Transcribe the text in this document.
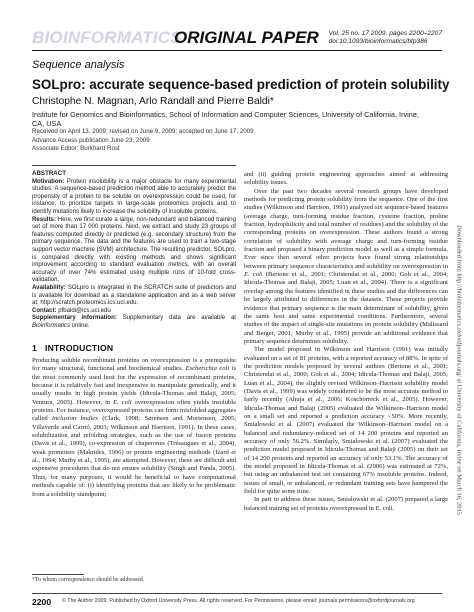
BIOINFORMATICS
ORIGINAL PAPER Vol. 25 no. 17 2009, pages 2200–2207
doi:10.1093/bioinformatics/btp386
Sequence analysis
SOLpro: accurate sequence-based prediction of protein solubility
Christophe N. Magnan, Arlo Randall and Pierre Baldi*
Institute for Genomics and Bioinformatics, School of Information and Computer Sciences, University of California, Irvine, CA, USA
Received on April 13, 2009; revised on June 9, 2009; accepted on June 17, 2009
Advance Access publication June 23, 2009
Associate Editor: Burkhard Rost

ABSTRACT

Motivation: Protein insolubility is a major obstacle for many experimental studies. A sequence-based prediction method able to accurately predict the propensity of a protein to be soluble on overexpression could be used, for instance, to prioritize targets in large-scale proteomics projects and to identify mutations likely to increase the solubility of insoluble proteins.

Results: Here, we first curate a large, non-redundant and balanced training set of more than 17 000 proteins. Next, we extract and study 23 groups of features computed directly or predicted (e.g. secondary structure) from the primary sequence. The data and the features are used to train a two-stage support vector machine (SVM) architecture. The resulting predictor, SOLpro, is compared directly with existing methods and shows significant improvement according to standard evaluation metrics, with an overall accuracy of over 74% estimated using multiple runs of 10-fold cross-validation.

Availability: SOLpro is integrated in the SCRATCH suite of predictors and is available for download as a standalone application and as a web server at: http://scratch.proteomics.ics.uci.edu.

Contact: pfbaldi@ics.uci.edu

Supplementary information: Supplementary data are available at Bioinformatics online.

1 INTRODUCTION

Producing soluble recombinant proteins on overexpression is a prerequisite for many structural, functional and biochemical studies. Escherichia coli is the most commonly used host for the expression of recombinant proteins, because it is relatively fast and inexpensive to manipulate genetically, and it usually results in high protein yields (Idicula-Thomas and Balaji, 2005; Ventura, 2005). However, in E. coli overexpression often yields insoluble proteins. For instance, overexpressed proteins can form misfolded aggregates called inclusion bodies (Clark, 1998; Sørensen and Mortensen, 2005; Villaverde and Carrió, 2003; Wilkinson and Harrison, 1991). In these cases, solubilization and refolding strategies, such as the use of fusion proteins (Davis et al., 1999), co-expression of chaperones (Trésaugues et al., 2004), weak promoters (Makrides, 1996) or protein engineering methods (Izard et al., 1994; Murby et al., 1995), are attempted. However, these are difficult and expensive procedures that do not ensure solubility (Singh and Panda, 2005). Thus, for many purposes, it would be beneficial to have computational methods capable of: (i) identifying proteins that are likely to be problematic from a solubility standpoint;

and (ii) guiding protein engineering approaches aimed at addressing solubility issues.

Over the past two decades several research groups have developed methods for predicting protein solubility from the sequence. One of the first studies (Wilkinson and Harrison, 1991) analyzed six sequence-based features (average charge, turn-forming residue fraction, cysteine fraction, proline fraction, hydrophilicity and total number of residues) and the solubility of the corresponding proteins on overexpression. These authors found a strong correlation of solubility with average charge and turn-forming residue fraction and proposed a binary prediction model as well as a simple formula. Ever since then several other projects have found strong relationships between primary sequence characteristics and solubility on overexpression in E. coli (Bertone et al., 2001; Christendat et al., 2000; Goh et al., 2004; Idicula-Thomas and Balaji, 2005; Luan et al., 2004). There is a significant overlap among the features identified in these studies and the differences can be largely attributed to differences in the datasets. These projects provide evidence that primary sequence is the main determinant of solubility, given the same host and same experimental conditions. Furthermore, several studies of the impact of single-site mutations on protein solubility (Malissard and Berger, 2001; Murby et al., 1995) provide an additional evidence that primary sequence determines solubility.

The model proposed in Wilkinson and Harrison (1991) was initially evaluated on a set of 81 proteins, with a reported accuracy of 88%. In spite of the prediction models proposed by several authors (Bertone et al., 2001; Christendat et al., 2000; Goh et al., 2004; Idicula-Thomas and Balaji, 2005; Luan et al., 2004), the slightly revised Wilkinson–Harrison solubility model (Davis et al., 1999) was widely considered to be the most accurate method to fairly recently (Ahuja et al., 2006; Koschorreck et al., 2005). However, Idicula-Thomas and Balaji (2005) evaluated the Wilkinson–Harrison model on a small set and reported a prediction accuracy <50%. More recently, Smialowski et al. (2007) evaluated the Wilkinson–Harrison model on a balanced and redundancy-reduced set of 14 200 proteins and reported an accuracy of only 56.2%. Similarly, Smialowski et al. (2007) evaluated the prediction model proposed in Idicula-Thomas and Balaji (2005) on their set of 14 200 proteins and reported an accuracy of only 53.1%. The accuracy of the model proposed in Idicula-Thomas et al. (2006) was estimated at 72%, but using an unbalanced test set containing 67% insoluble proteins. Indeed, issues of small, or unbalanced, or redundant training sets have hampered the field for quite some time.

In part to address these issues, Smialowski et al. (2007) prepared a large balanced training set of proteins overexpressed in E. coli.

*To whom correspondence should be addressed.
2200 © The Author 2009. Published by Oxford University Press. All rights reserved. For Permissions, please email: journals.permissions@oxfordjournals.org
Downloaded from http://bioinformatics.oxfordjournals.org/ at University of California, Irvine on March 16, 2015
